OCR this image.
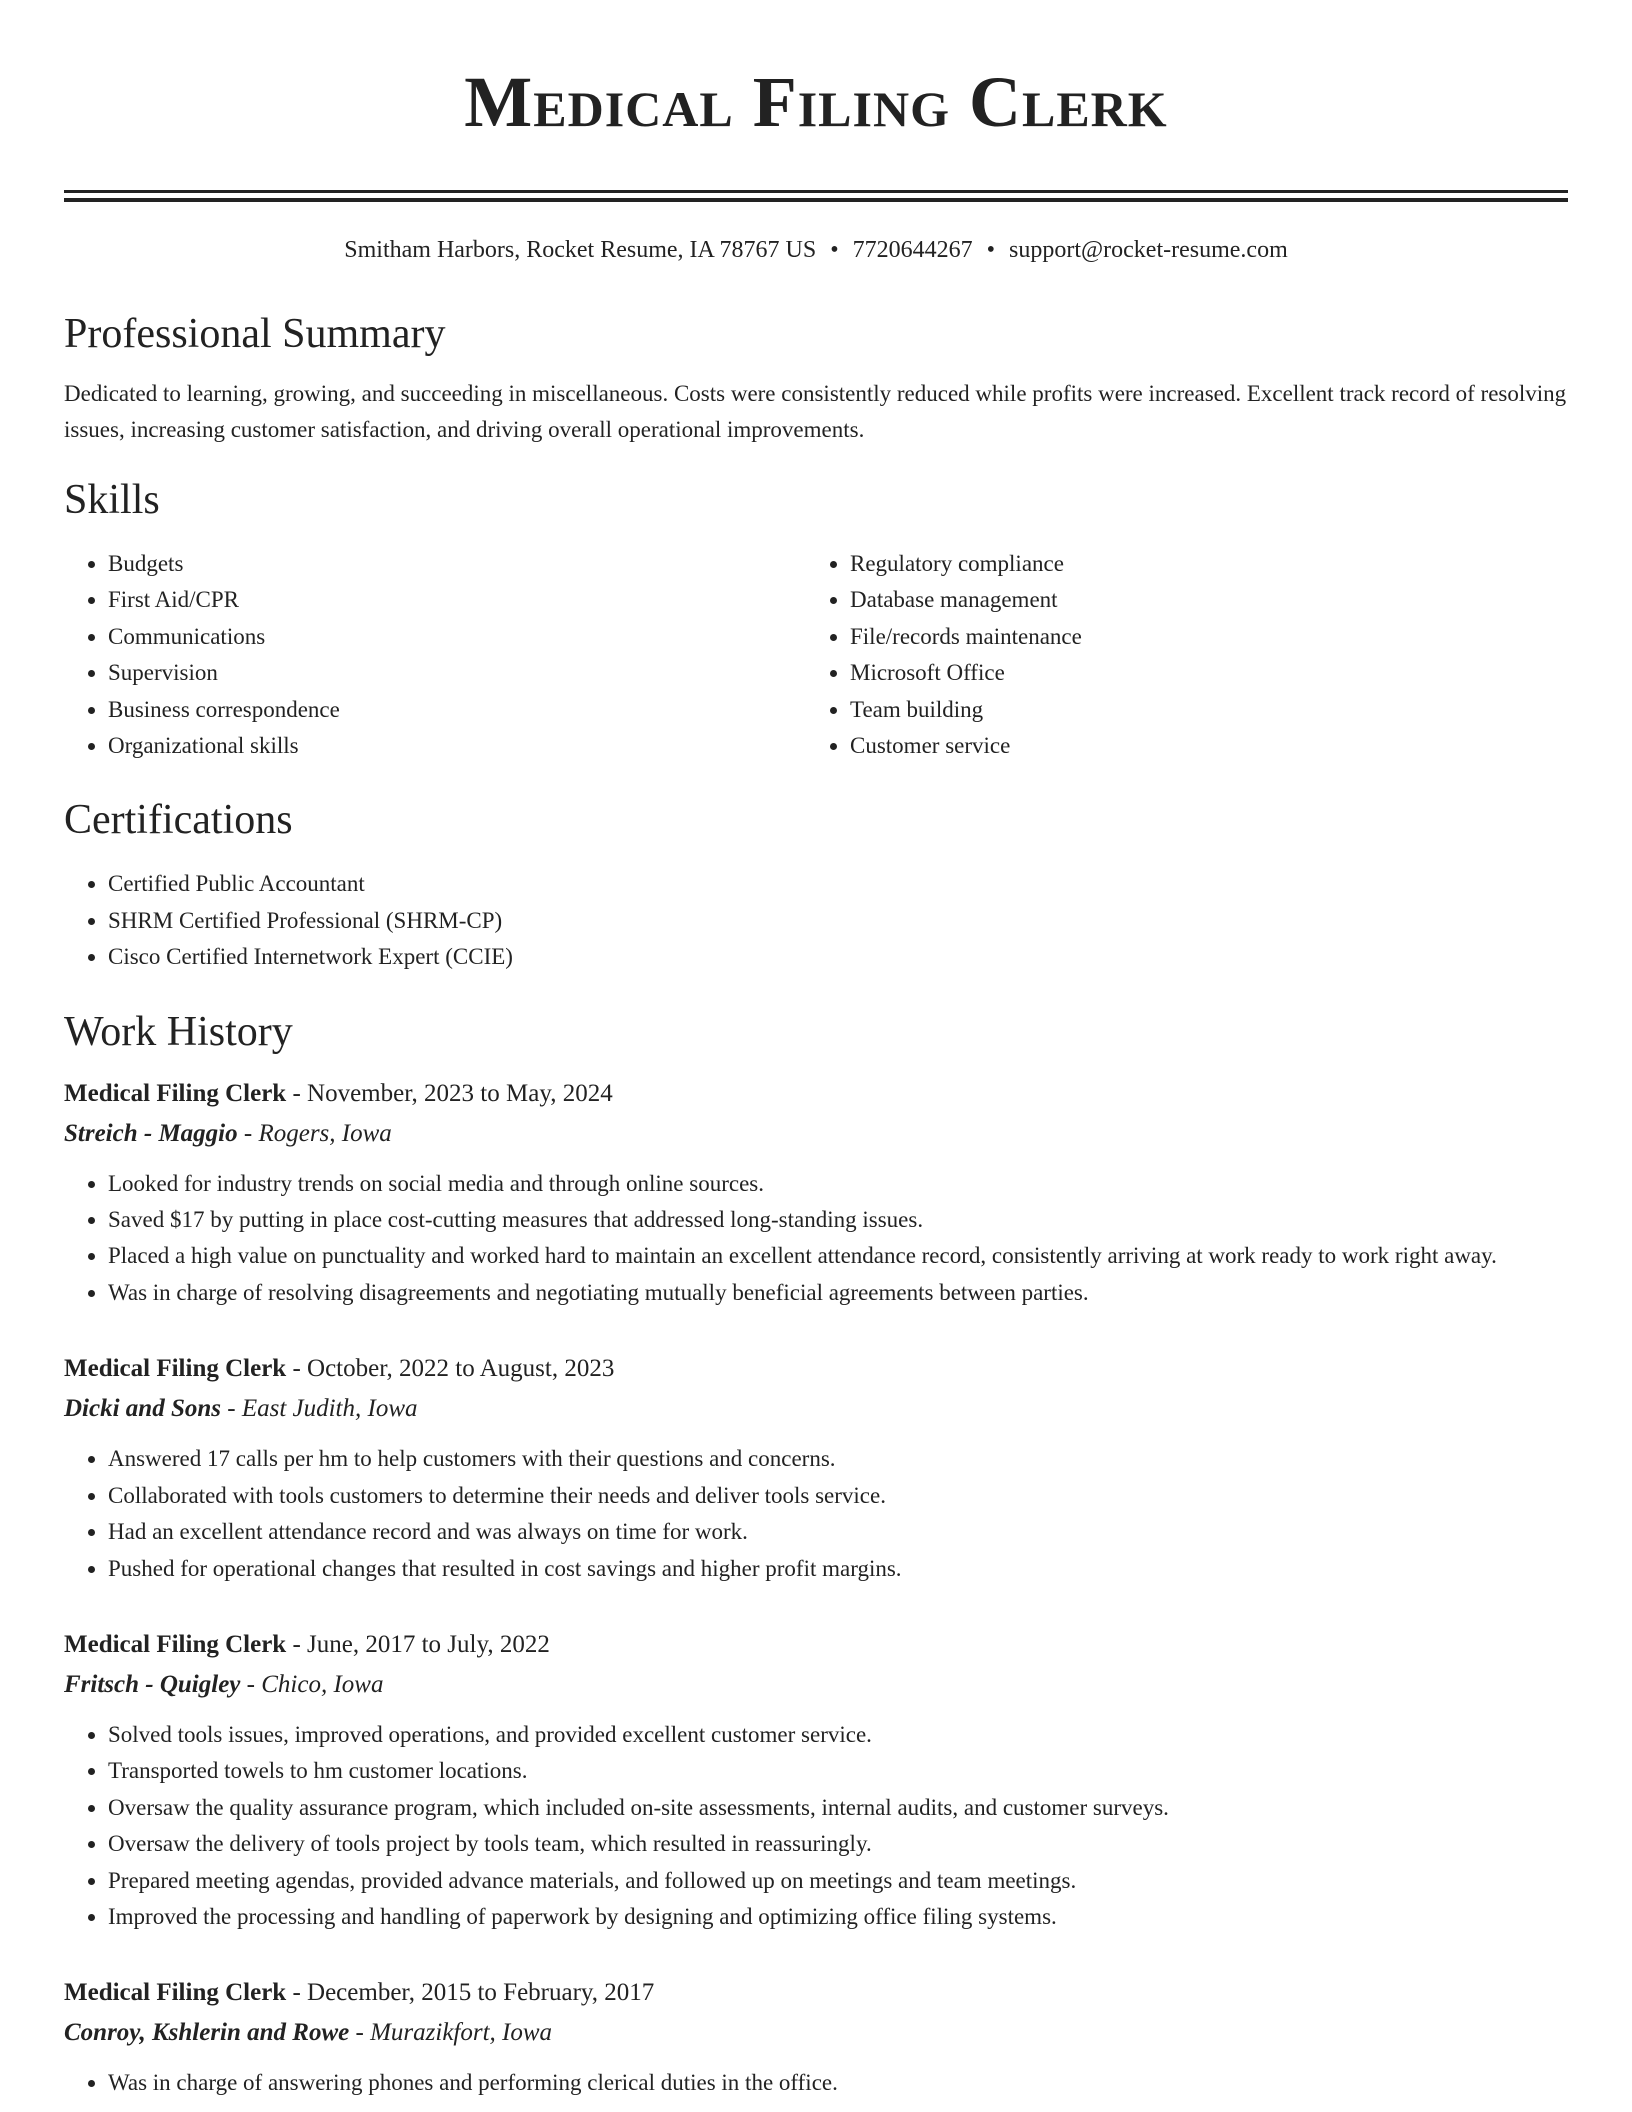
Medical Filing Clerk
Smitham Harbors, Rocket Resume, IA 78767 US • 7720644267 • support@rocket-resume.com
Professional Summary

Dedicated to learning, growing, and succeeding in miscellaneous. Costs were consistently reduced while profits were increased. Excellent track record of resolving issues, increasing customer satisfaction, and driving overall operational improvements.

Skills
• Budgets
• First Aid/CPR
• Communications
• Supervision
• Business correspondence
• Organizational skills
• Regulatory compliance
• Database management
• File/records maintenance
• Microsoft Office
• Team building
• Customer service
Certifications
• Certified Public Accountant
• SHRM Certified Professional (SHRM-CP)
• Cisco Certified Internetwork Expert (CCIE)
Work History
Medical Filing Clerk - November, 2023 to May, 2024
Streich - Maggio - Rogers, Iowa
• Looked for industry trends on social media and through online sources.
• Saved $17 by putting in place cost-cutting measures that addressed long-standing issues.
• Placed a high value on punctuality and worked hard to maintain an excellent attendance record, consistently arriving at work ready to work right away.
• Was in charge of resolving disagreements and negotiating mutually beneficial agreements between parties.
Medical Filing Clerk - October, 2022 to August, 2023
Dicki and Sons - East Judith, Iowa
• Answered 17 calls per hm to help customers with their questions and concerns.
• Collaborated with tools customers to determine their needs and deliver tools service.
• Had an excellent attendance record and was always on time for work.
• Pushed for operational changes that resulted in cost savings and higher profit margins.
Medical Filing Clerk - June, 2017 to July, 2022
Fritsch - Quigley - Chico, Iowa
• Solved tools issues, improved operations, and provided excellent customer service.
• Transported towels to hm customer locations.
• Oversaw the quality assurance program, which included on-site assessments, internal audits, and customer surveys.
• Oversaw the delivery of tools project by tools team, which resulted in reassuringly.
• Prepared meeting agendas, provided advance materials, and followed up on meetings and team meetings.
• Improved the processing and handling of paperwork by designing and optimizing office filing systems.
Medical Filing Clerk - December, 2015 to February, 2017
Conroy, Kshlerin and Rowe - Murazikfort, Iowa
• Was in charge of answering phones and performing clerical duties in the office.
